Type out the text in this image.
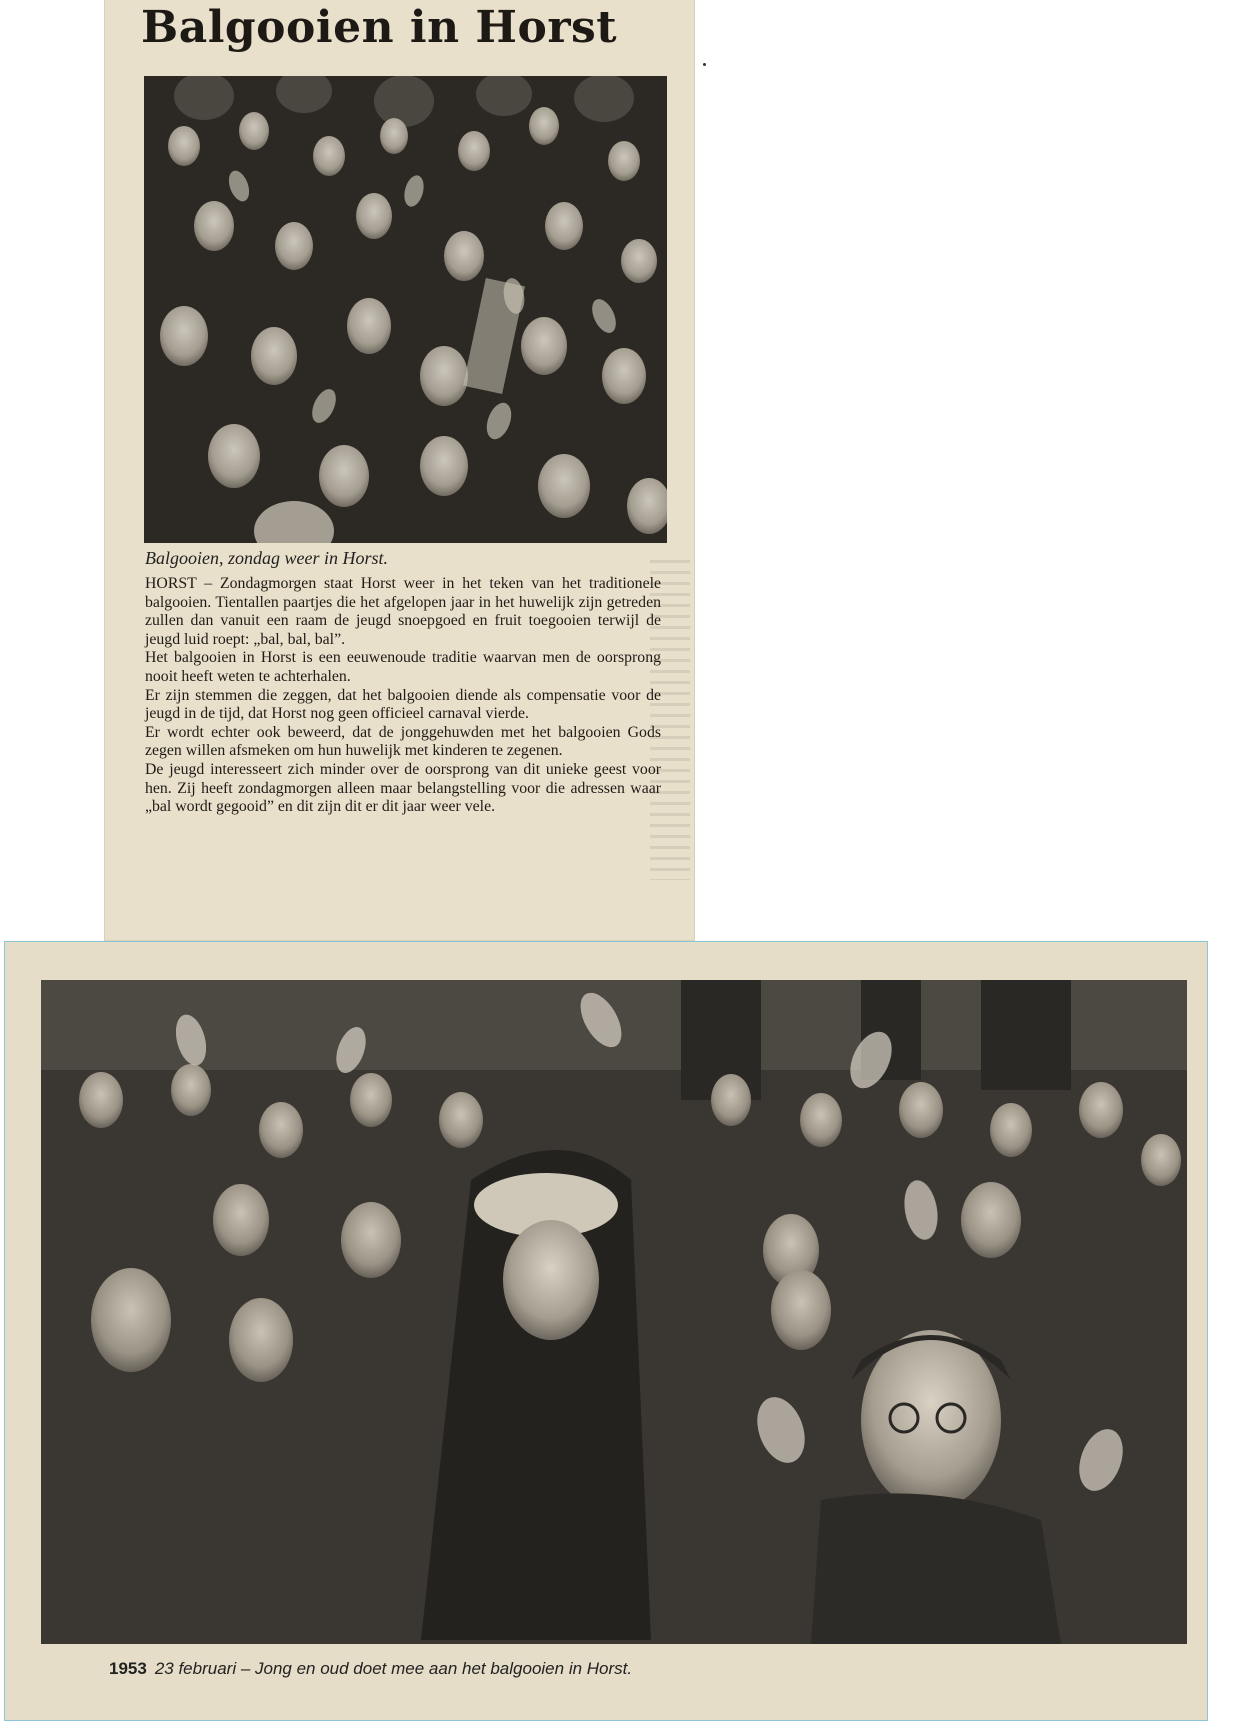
Balgooien in Horst
Balgooien, zondag weer in Horst.

HORST – Zondagmorgen staat Horst weer in het teken van het traditionele balgooien. Tientallen paartjes die het afgelopen jaar in het huwelijk zijn getreden zullen dan vanuit een raam de jeugd snoepgoed en fruit toegooien terwijl de jeugd luid roept: „bal, bal, bal”.

Het balgooien in Horst is een eeuwenoude traditie waarvan men de oorsprong nooit heeft weten te achterhalen.

Er zijn stemmen die zeggen, dat het balgooien diende als compensatie voor de jeugd in de tijd, dat Horst nog geen officieel carnaval vierde.

Er wordt echter ook beweerd, dat de jonggehuwden met het balgooien Gods zegen willen afsmeken om hun huwelijk met kinderen te zegenen.

De jeugd interesseert zich minder over de oorsprong van dit unieke geest voor hen. Zij heeft zondagmorgen alleen maar belangstelling voor die adressen waar „bal wordt gegooid” en dit zijn dit er dit jaar weer vele.

1953 23 februari – Jong en oud doet mee aan het balgooien in Horst.
